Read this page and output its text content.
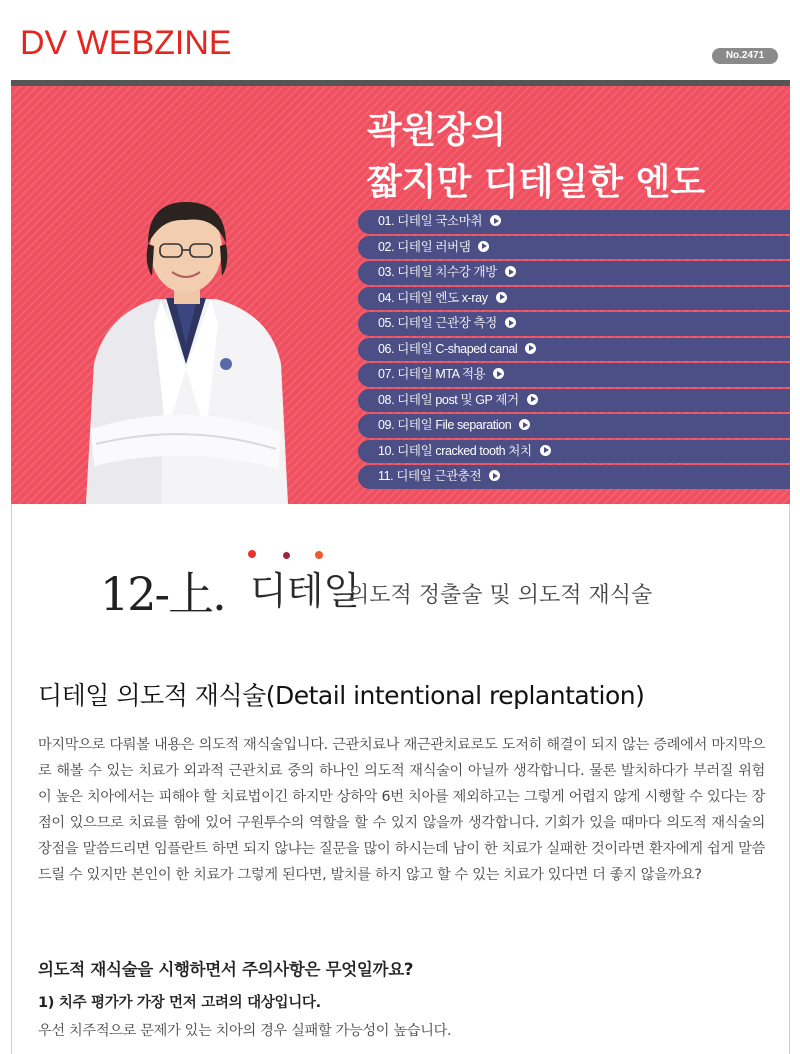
DV WEBZINE	No.2471
곽원장의
짧지만 디테일한 엔도
01. 디테일 국소마취
02. 디테일 러버댐
03. 디테일 치수강 개방
04. 디테일 엔도 x-ray
05. 디테일 근관장 측정
06. 디테일 C-shaped canal
07. 디테일 MTA 적용
08. 디테일 post 및 GP 제거
09. 디테일 File separation
10. 디테일 cracked tooth 처치
11. 디테일 근관충전
12-上. 디테일
의도적 정출술 및 의도적 재식술
디테일 의도적 재식술(Detail intentional replantation)
마지막으로 다뤄볼 내용은 의도적 재식술입니다. 근관치료나 재근관치료로도 도저히 해결이 되지 않는 증례에서 마지막으로 해볼 수 있는 치료가 외과적 근관치료 중의 하나인 의도적 재식술이 아닐까 생각합니다. 물론 발치하다가 부러질 위험이 높은 치아에서는 피해야 할 치료법이긴 하지만 상하악 6번 치아를 제외하고는 그렇게 어렵지 않게 시행할 수 있다는 장점이 있으므로 치료를 함에 있어 구원투수의 역할을 할 수 있지 않을까 생각합니다. 기회가 있을 때마다 의도적 재식술의 장점을 말씀드리면 임플란트 하면 되지 않냐는 질문을 많이 하시는데 남이 한 치료가 실패한 것이라면 환자에게 쉽게 말씀드릴 수 있지만 본인이 한 치료가 그렇게 된다면, 발치를 하지 않고 할 수 있는 치료가 있다면 더 좋지 않을까요?
의도적 재식술을 시행하면서 주의사항은 무엇일까요?
1) 치주 평가가 가장 먼저 고려의 대상입니다.
우선 치주적으로 문제가 있는 치아의 경우 실패할 가능성이 높습니다.
